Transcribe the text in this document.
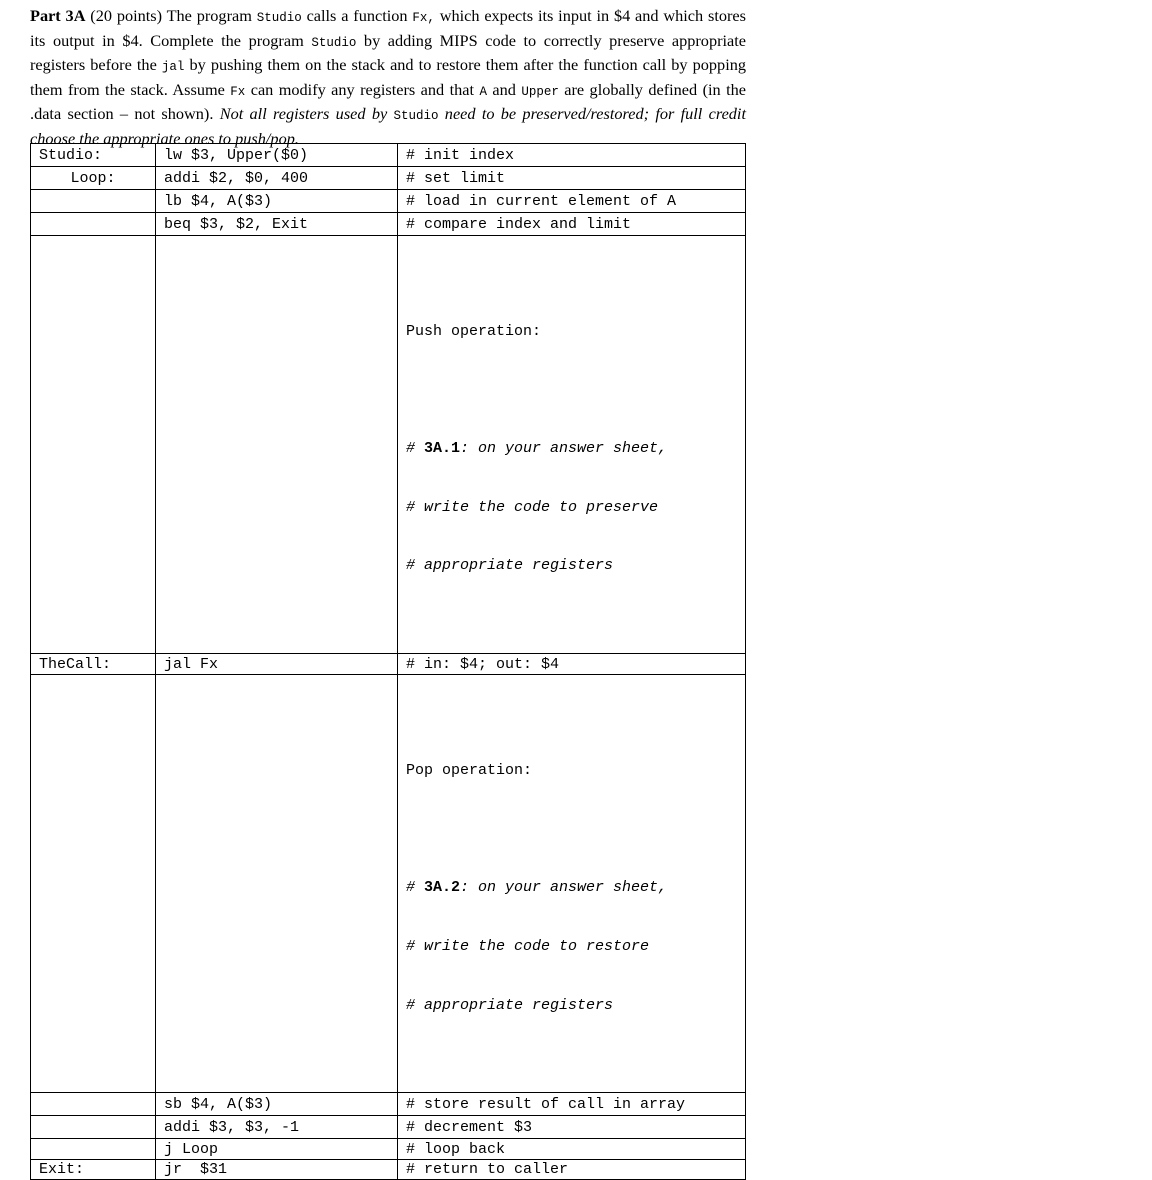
Part 3A (20 points) The program Studio calls a function Fx, which expects its input in $4 and which stores its output in $4. Complete the program Studio by adding MIPS code to correctly preserve appropriate registers before the jal by pushing them on the stack and to restore them after the function call by popping them from the stack. Assume Fx can modify any registers and that A and Upper are globally defined (in the .data section – not shown). Not all registers used by Studio need to be preserved/restored; for full credit choose the appropriate ones to push/pop.
Studio:	lw $3, Upper($0)	# init index
Loop:	addi $2, $0, 400	# set limit
	lb $4, A($3)	# load in current element of A
	beq $3, $2, Exit	# compare index and limit

		Push operation:

# 3A.1: on your answer sheet,

# write the code to preserve

# appropriate registers

TheCall:	jal Fx	# in: $4; out: $4

		Pop operation:

# 3A.2: on your answer sheet,

# write the code to restore

# appropriate registers

	sb $4, A($3)	# store result of call in array
	addi $3, $3, -1	# decrement $3
	j Loop	# loop back
Exit:	jr  $31	# return to caller
